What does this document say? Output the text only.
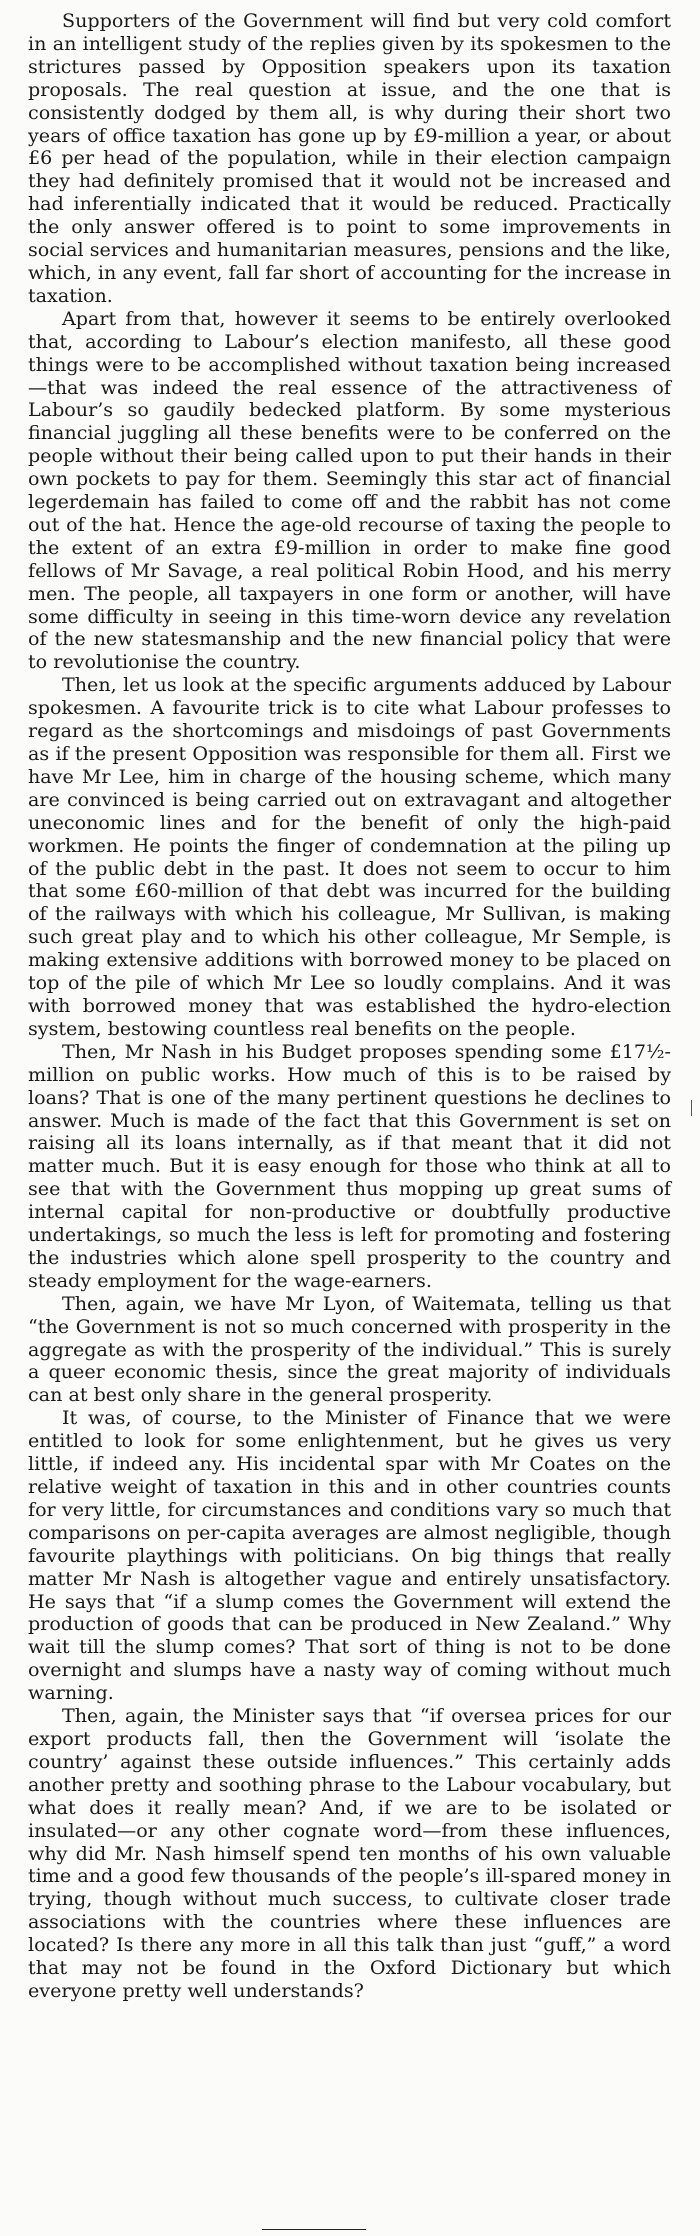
Supporters of the Government will find but very cold comfort in an intelligent study of the replies given by its spokesmen to the strictures passed by Opposition speakers upon its taxation proposals. The real question at issue, and the one that is consistently dodged by them all, is why during their short two years of office taxation has gone up by £9-million a year, or about £6 per head of the population, while in their election campaign they had definitely promised that it would not be increased and had inferentially indicated that it would be reduced. Practically the only answer offered is to point to some improvements in social services and humanitarian measures, pensions and the like, which, in any event, fall far short of accounting for the increase in taxation.

Apart from that, however it seems to be entirely overlooked that, according to Labour’s election manifesto, all these good things were to be accomplished without taxation being increased—that was indeed the real essence of the attractiveness of Labour’s so gaudily bedecked platform. By some mysterious financial juggling all these benefits were to be conferred on the people without their being called upon to put their hands in their own pockets to pay for them. Seemingly this star act of financial legerdemain has failed to come off and the rabbit has not come out of the hat. Hence the age-old recourse of taxing the people to the extent of an extra £9-million in order to make fine good fellows of Mr Savage, a real political Robin Hood, and his merry men. The people, all taxpayers in one form or another, will have some difficulty in seeing in this time-worn device any revelation of the new statesmanship and the new financial policy that were to revolutionise the country.

Then, let us look at the specific arguments adduced by Labour spokesmen. A favourite trick is to cite what Labour professes to regard as the shortcomings and misdoings of past Governments as if the present Opposition was responsible for them all. First we have Mr Lee, him in charge of the housing scheme, which many are convinced is being carried out on extravagant and altogether uneconomic lines and for the benefit of only the high-paid workmen. He points the finger of condemnation at the piling up of the public debt in the past. It does not seem to occur to him that some £60-million of that debt was incurred for the building of the railways with which his colleague, Mr Sullivan, is making such great play and to which his other colleague, Mr Semple, is making extensive additions with borrowed money to be placed on top of the pile of which Mr Lee so loudly complains. And it was with borrowed money that was established the hydro-election system, bestowing countless real benefits on the people.

Then, Mr Nash in his Budget proposes spending some £17½-million on public works. How much of this is to be raised by loans? That is one of the many pertinent questions he declines to answer. Much is made of the fact that this Government is set on raising all its loans internally, as if that meant that it did not matter much. But it is easy enough for those who think at all to see that with the Government thus mopping up great sums of internal capital for non-productive or doubtfully productive undertakings, so much the less is left for promoting and fostering the industries which alone spell prosperity to the country and steady employment for the wage-earners.

Then, again, we have Mr Lyon, of Waitemata, telling us that “the Government is not so much concerned with prosperity in the aggregate as with the prosperity of the individual.” This is surely a queer economic thesis, since the great majority of individuals can at best only share in the general prosperity.

It was, of course, to the Minister of Finance that we were entitled to look for some enlightenment, but he gives us very little, if indeed any. His incidental spar with Mr Coates on the relative weight of taxation in this and in other countries counts for very little, for circumstances and conditions vary so much that comparisons on per-capita averages are almost negligible, though favourite playthings with politicians. On big things that really matter Mr Nash is altogether vague and entirely unsatisfactory. He says that “if a slump comes the Government will extend the production of goods that can be produced in New Zealand.” Why wait till the slump comes? That sort of thing is not to be done overnight and slumps have a nasty way of coming without much warning.

Then, again, the Minister says that “if oversea prices for our export products fall, then the Government will ‘isolate the country’ against these outside influences.” This certainly adds another pretty and soothing phrase to the Labour vocabulary, but what does it really mean? And, if we are to be isolated or insulated—or any other cognate word—from these influences, why did Mr. Nash himself spend ten months of his own valuable time and a good few thousands of the people’s ill-spared money in trying, though without much success, to cultivate closer trade associations with the countries where these influences are located? Is there any more in all this talk than just “guff,” a word that may not be found in the Oxford Dictionary but which everyone pretty well understands?
